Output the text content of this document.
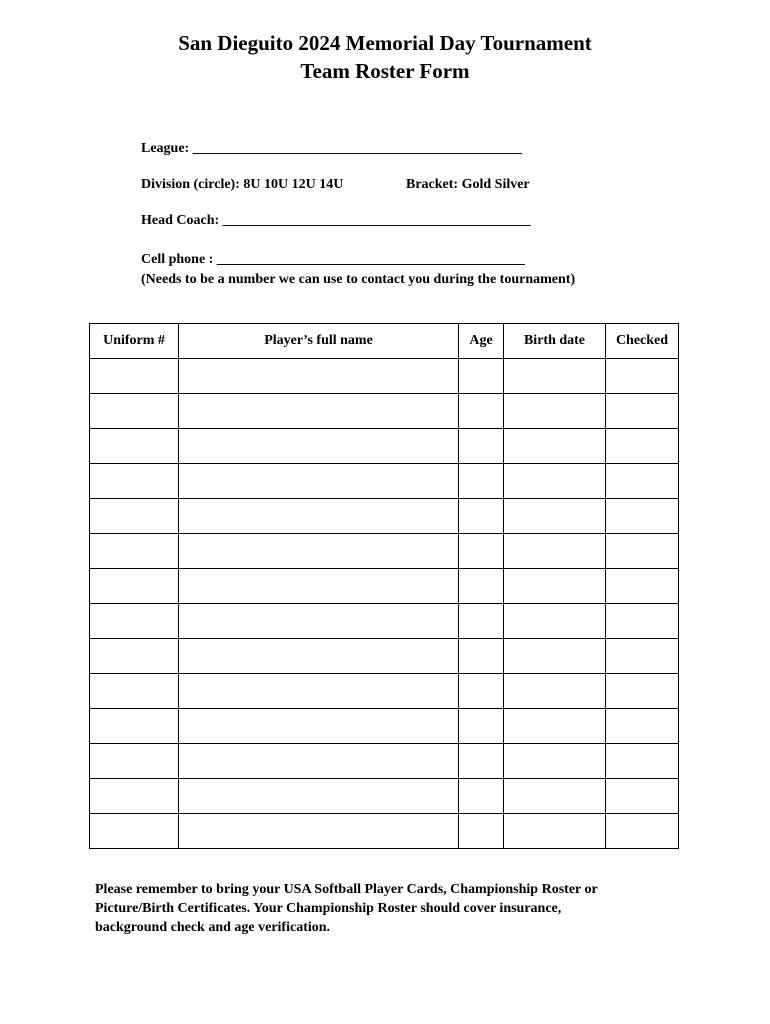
San Dieguito 2024 Memorial Day Tournament
Team Roster Form
League: _______________________________________________
Division (circle): 8U 10U 12U 14U	Bracket: Gold Silver
Head Coach: ____________________________________________
Cell phone : ____________________________________________
(Needs to be a number we can use to contact you during the tournament)
Uniform #	Player’s full name	Age	Birth date	Checked

Please remember to bring your USA Softball Player Cards, Championship Roster or
Picture/Birth Certificates. Your Championship Roster should cover insurance,
background check and age verification.
